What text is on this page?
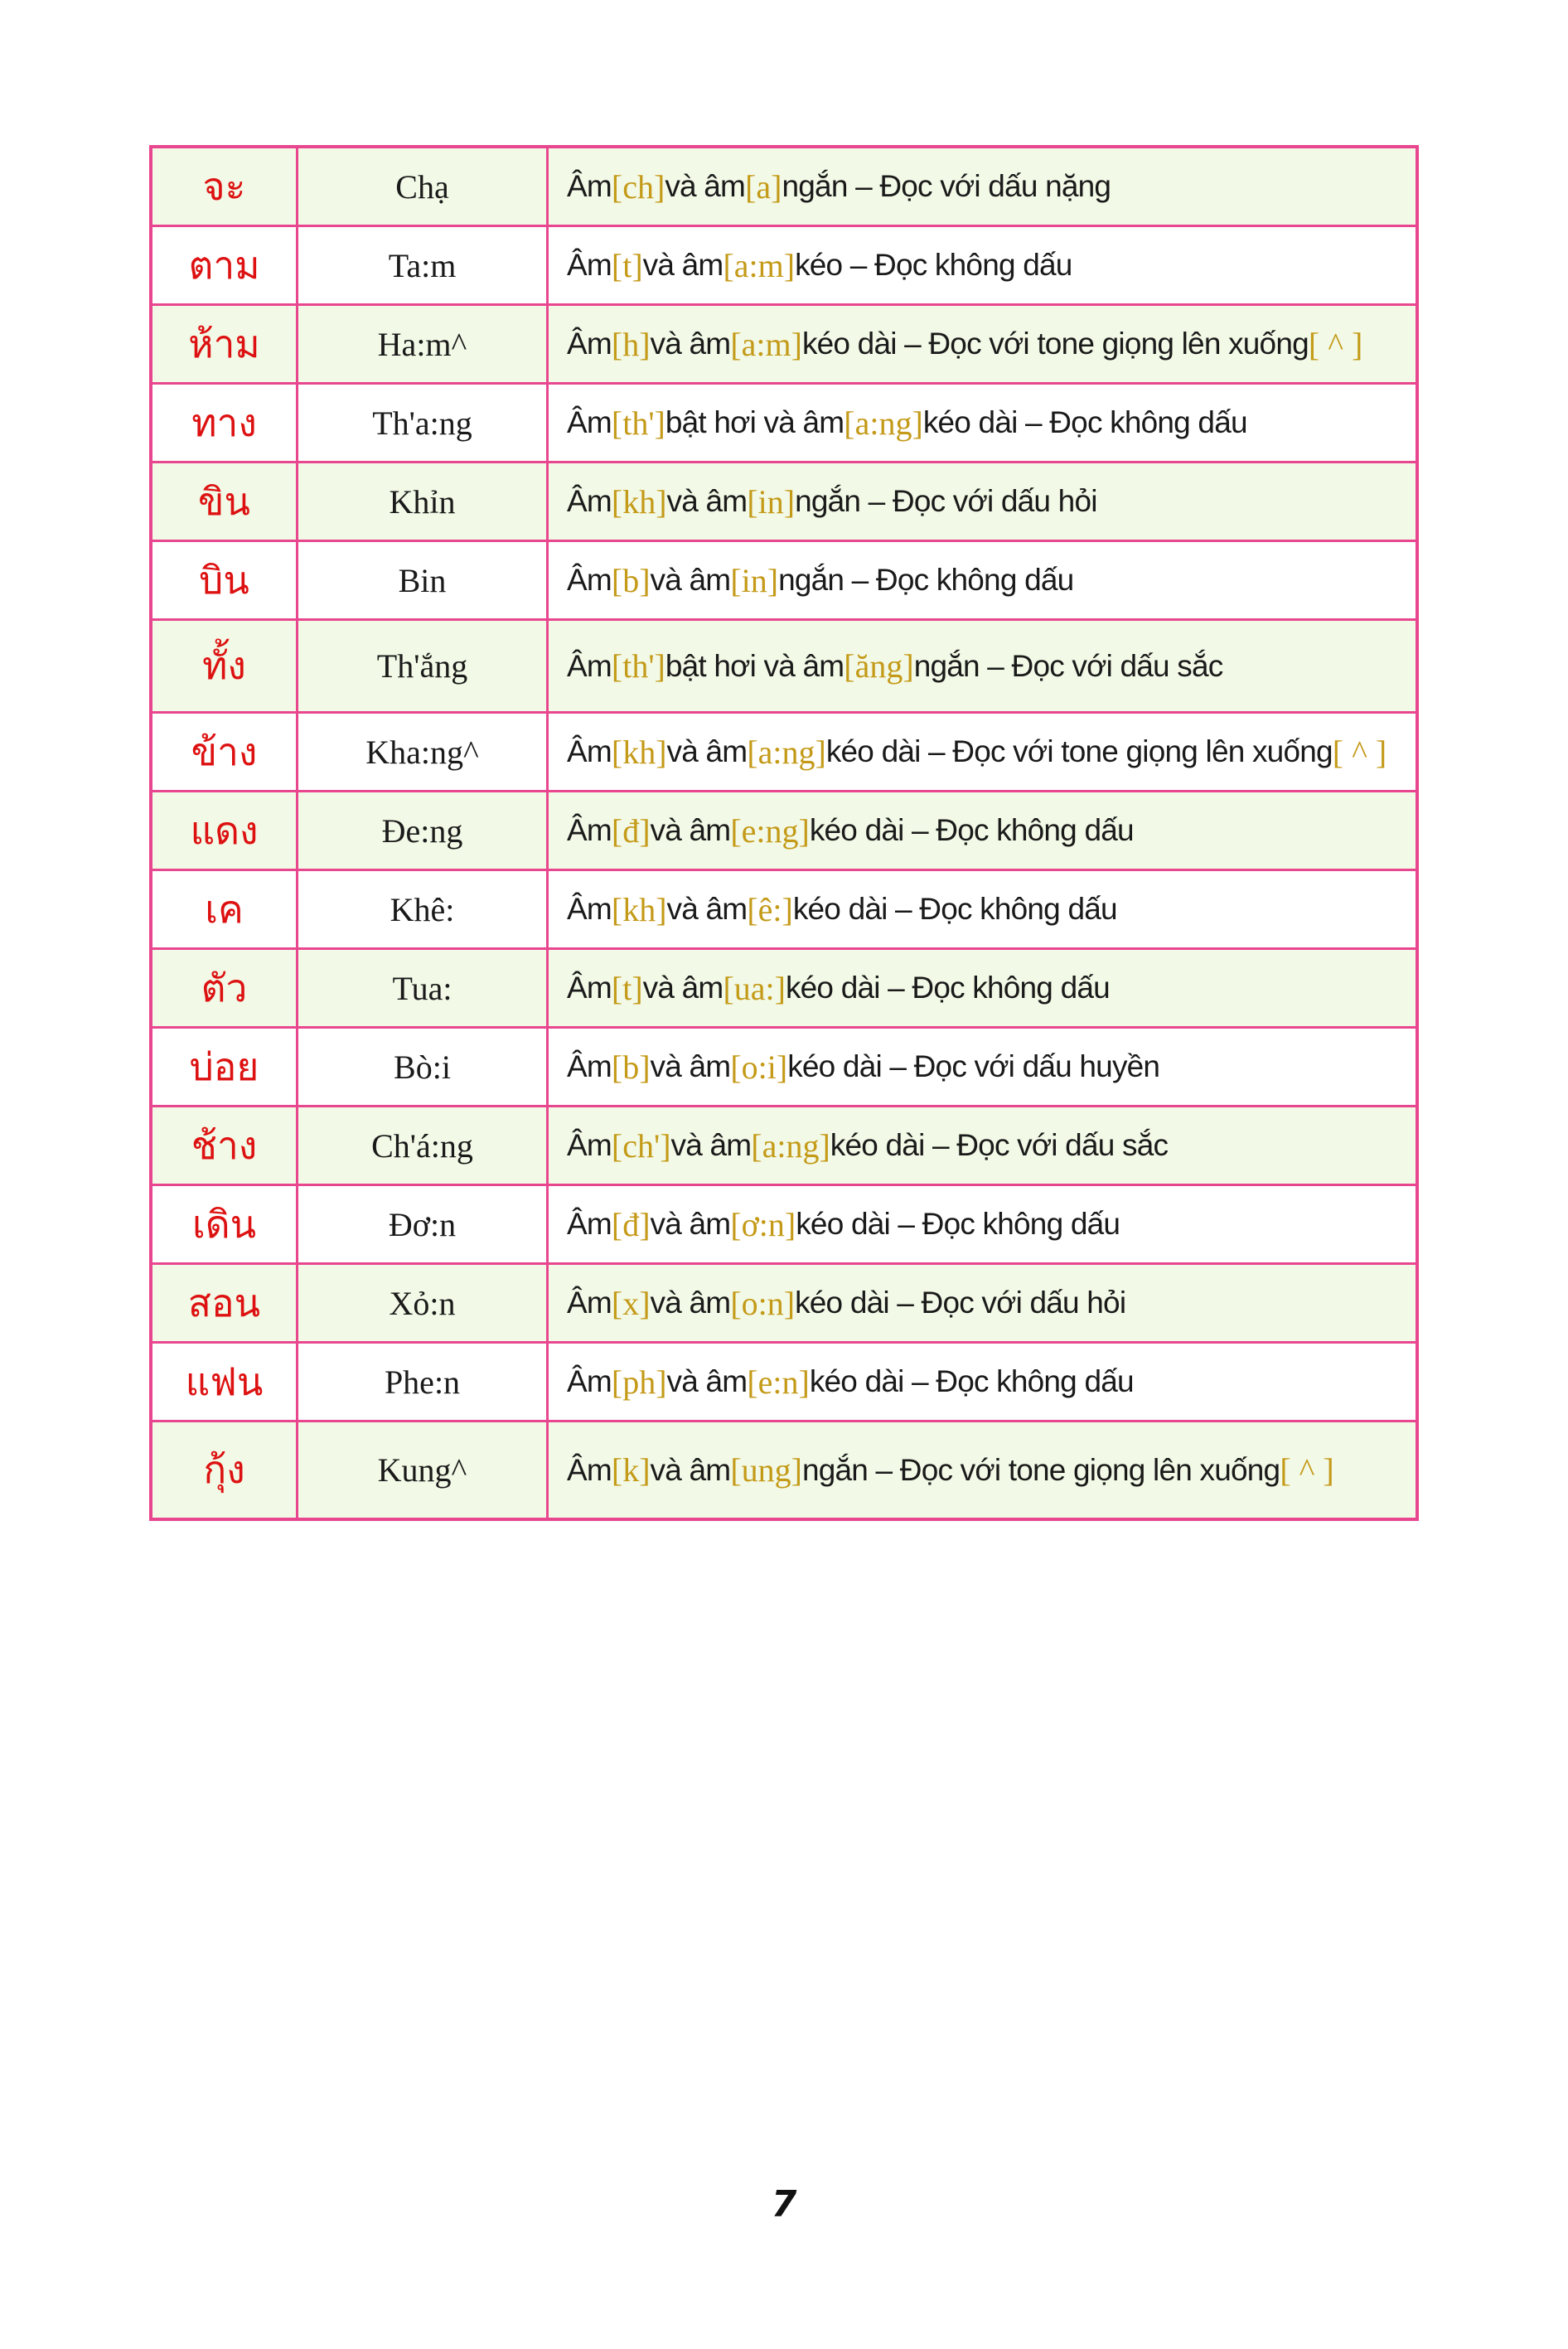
จะ	Chạ	Âm [ch] và âm [a] ngắn – Đọc với dấu nặng
ตาม	Ta:m	Âm [t] và âm [a:m] kéo – Đọc không dấu
ห้าม	Ha:m^	Âm [h] và âm [a:m] kéo dài – Đọc với tone giọng lên xuống [ ^ ]
ทาง	Th'a:ng	Âm [th'] bật hơi và âm [a:ng] kéo dài – Đọc không dấu
ขิน	Khỉn	Âm [kh] và âm [in] ngắn – Đọc với dấu hỏi
บิน	Bin	Âm [b] và âm [in] ngắn – Đọc không dấu
ทั้ง	Th'ắng	Âm [th'] bật hơi và âm [ăng] ngắn – Đọc với dấu sắc
ข้าง	Kha:ng^	Âm [kh] và âm [a:ng] kéo dài – Đọc với tone giọng lên xuống [ ^ ]
แดง	Đe:ng	Âm [đ] và âm [e:ng] kéo dài – Đọc không dấu
เค	Khê:	Âm [kh] và âm [ê:] kéo dài – Đọc không dấu
ตัว	Tua:	Âm [t] và âm [ua:] kéo dài – Đọc không dấu
บ่อย	Bò:i	Âm [b] và âm [o:i] kéo dài – Đọc với dấu huyền
ช้าง	Ch'á:ng	Âm [ch'] và âm [a:ng] kéo dài – Đọc với dấu sắc
เดิน	Đơ:n	Âm [đ] và âm [ơ:n] kéo dài – Đọc không dấu
สอน	Xỏ:n	Âm [x] và âm [o:n] kéo dài – Đọc với dấu hỏi
แฟน	Phe:n	Âm [ph] và âm [e:n] kéo dài – Đọc không dấu
กุ้ง	Kung^	Âm [k] và âm [ung] ngắn – Đọc với tone giọng lên xuống [ ^ ]
7
